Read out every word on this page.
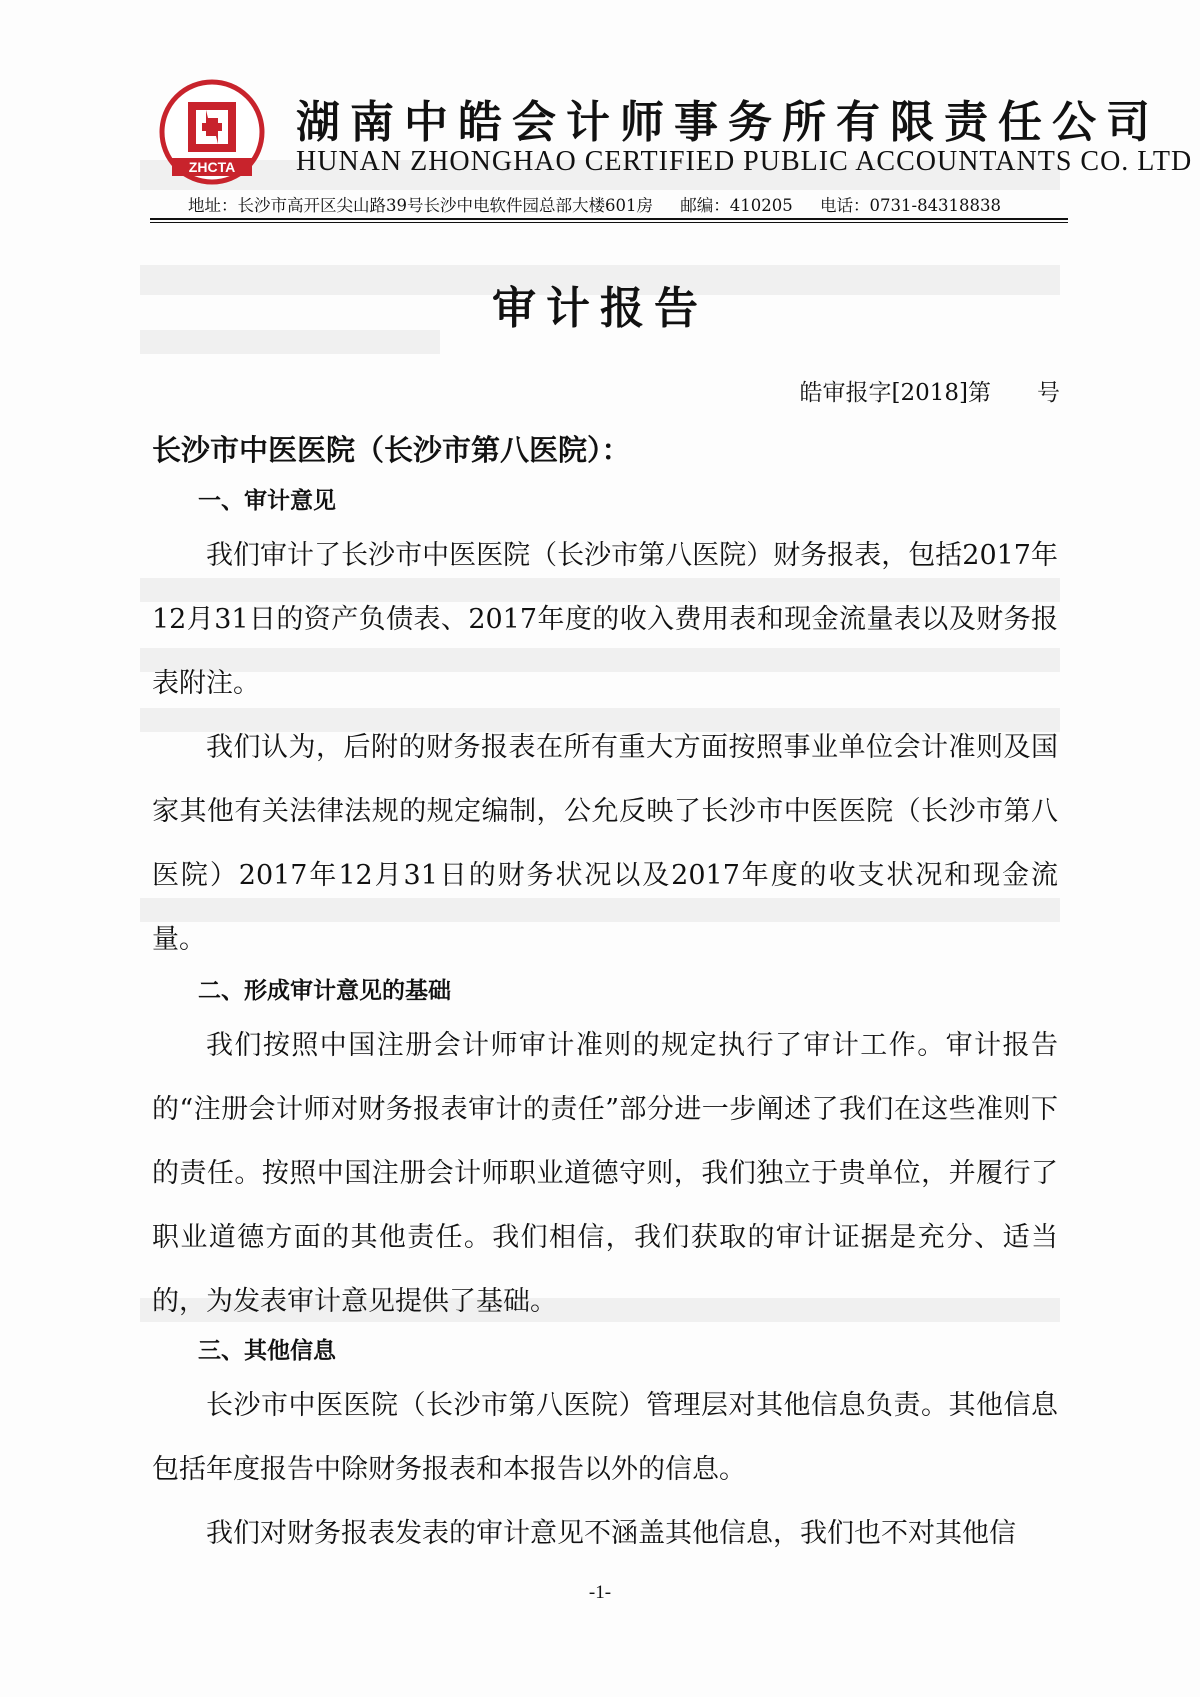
ZHCTA
湖南中皓会计师事务所有限责任公司
HUNAN ZHONGHAO CERTIFIED PUBLIC ACCOUNTANTS CO. LTD
地址：长沙市高开区尖山路39号长沙中电软件园总部大楼601房 邮编：410205 电话：0731-84318838
审计报告
皓审报字[2018]第　　号
长沙市中医医院（长沙市第八医院）：
一、审计意见
我们审计了长沙市中医医院（长沙市第八医院）财务报表，包括2017年12月31日的资产负债表、2017年度的收入费用表和现金流量表以及财务报表附注。
我们认为，后附的财务报表在所有重大方面按照事业单位会计准则及国家其他有关法律法规的规定编制，公允反映了长沙市中医医院（长沙市第八医院）2017年12月31日的财务状况以及2017年度的收支状况和现金流量。
二、形成审计意见的基础
我们按照中国注册会计师审计准则的规定执行了审计工作。审计报告的“注册会计师对财务报表审计的责任”部分进一步阐述了我们在这些准则下的责任。按照中国注册会计师职业道德守则，我们独立于贵单位，并履行了职业道德方面的其他责任。我们相信，我们获取的审计证据是充分、适当的，为发表审计意见提供了基础。
三、其他信息
长沙市中医医院（长沙市第八医院）管理层对其他信息负责。其他信息包括年度报告中除财务报表和本报告以外的信息。
我们对财务报表发表的审计意见不涵盖其他信息，我们也不对其他信
-1-
